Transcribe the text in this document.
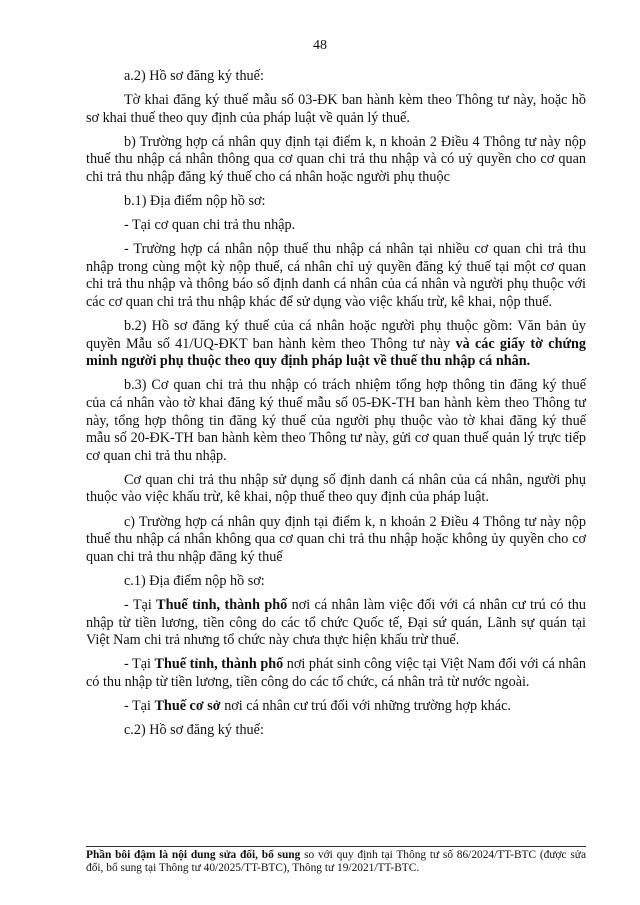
48

a.2) Hồ sơ đăng ký thuế:

Tờ khai đăng ký thuế mẫu số 03-ĐK ban hành kèm theo Thông tư này, hoặc hồ sơ khai thuế theo quy định của pháp luật về quản lý thuế.

b) Trường hợp cá nhân quy định tại điểm k, n khoản 2 Điều 4 Thông tư này nộp thuế thu nhập cá nhân thông qua cơ quan chi trả thu nhập và có uỷ quyền cho cơ quan chi trả thu nhập đăng ký thuế cho cá nhân hoặc người phụ thuộc

b.1) Địa điểm nộp hồ sơ:

- Tại cơ quan chi trả thu nhập.

- Trường hợp cá nhân nộp thuế thu nhập cá nhân tại nhiều cơ quan chi trả thu nhập trong cùng một kỳ nộp thuế, cá nhân chỉ uỷ quyền đăng ký thuế tại một cơ quan chi trả thu nhập và thông báo số định danh cá nhân của cá nhân và người phụ thuộc với các cơ quan chi trả thu nhập khác để sử dụng vào việc khấu trừ, kê khai, nộp thuế.

b.2) Hồ sơ đăng ký thuế của cá nhân hoặc người phụ thuộc gồm: Văn bản ủy quyền Mẫu số 41/UQ-ĐKT ban hành kèm theo Thông tư này và các giấy tờ chứng minh người phụ thuộc theo quy định pháp luật về thuế thu nhập cá nhân.

b.3) Cơ quan chi trả thu nhập có trách nhiệm tổng hợp thông tin đăng ký thuế của cá nhân vào tờ khai đăng ký thuế mẫu số 05-ĐK-TH ban hành kèm theo Thông tư này, tổng hợp thông tin đăng ký thuế của người phụ thuộc vào tờ khai đăng ký thuế mẫu số 20-ĐK-TH ban hành kèm theo Thông tư này, gửi cơ quan thuế quản lý trực tiếp cơ quan chi trả thu nhập.

Cơ quan chi trả thu nhập sử dụng số định danh cá nhân của cá nhân, người phụ thuộc vào việc khấu trừ, kê khai, nộp thuế theo quy định của pháp luật.

c) Trường hợp cá nhân quy định tại điểm k, n khoản 2 Điều 4 Thông tư này nộp thuế thu nhập cá nhân không qua cơ quan chi trả thu nhập hoặc không ủy quyền cho cơ quan chi trả thu nhập đăng ký thuế

c.1) Địa điểm nộp hồ sơ:

- Tại Thuế tỉnh, thành phố nơi cá nhân làm việc đối với cá nhân cư trú có thu nhập từ tiền lương, tiền công do các tổ chức Quốc tế, Đại sứ quán, Lãnh sự quán tại Việt Nam chi trả nhưng tổ chức này chưa thực hiện khấu trừ thuế.

- Tại Thuế tỉnh, thành phố nơi phát sinh công việc tại Việt Nam đối với cá nhân có thu nhập từ tiền lương, tiền công do các tổ chức, cá nhân trả từ nước ngoài.

- Tại Thuế cơ sở nơi cá nhân cư trú đối với những trường hợp khác.

c.2) Hồ sơ đăng ký thuế:

Phần bôi đậm là nội dung sửa đổi, bổ sung so với quy định tại Thông tư số 86/2024/TT-BTC (được sửa đổi, bổ sung tại Thông tư 40/2025/TT-BTC), Thông tư 19/2021/TT-BTC.
